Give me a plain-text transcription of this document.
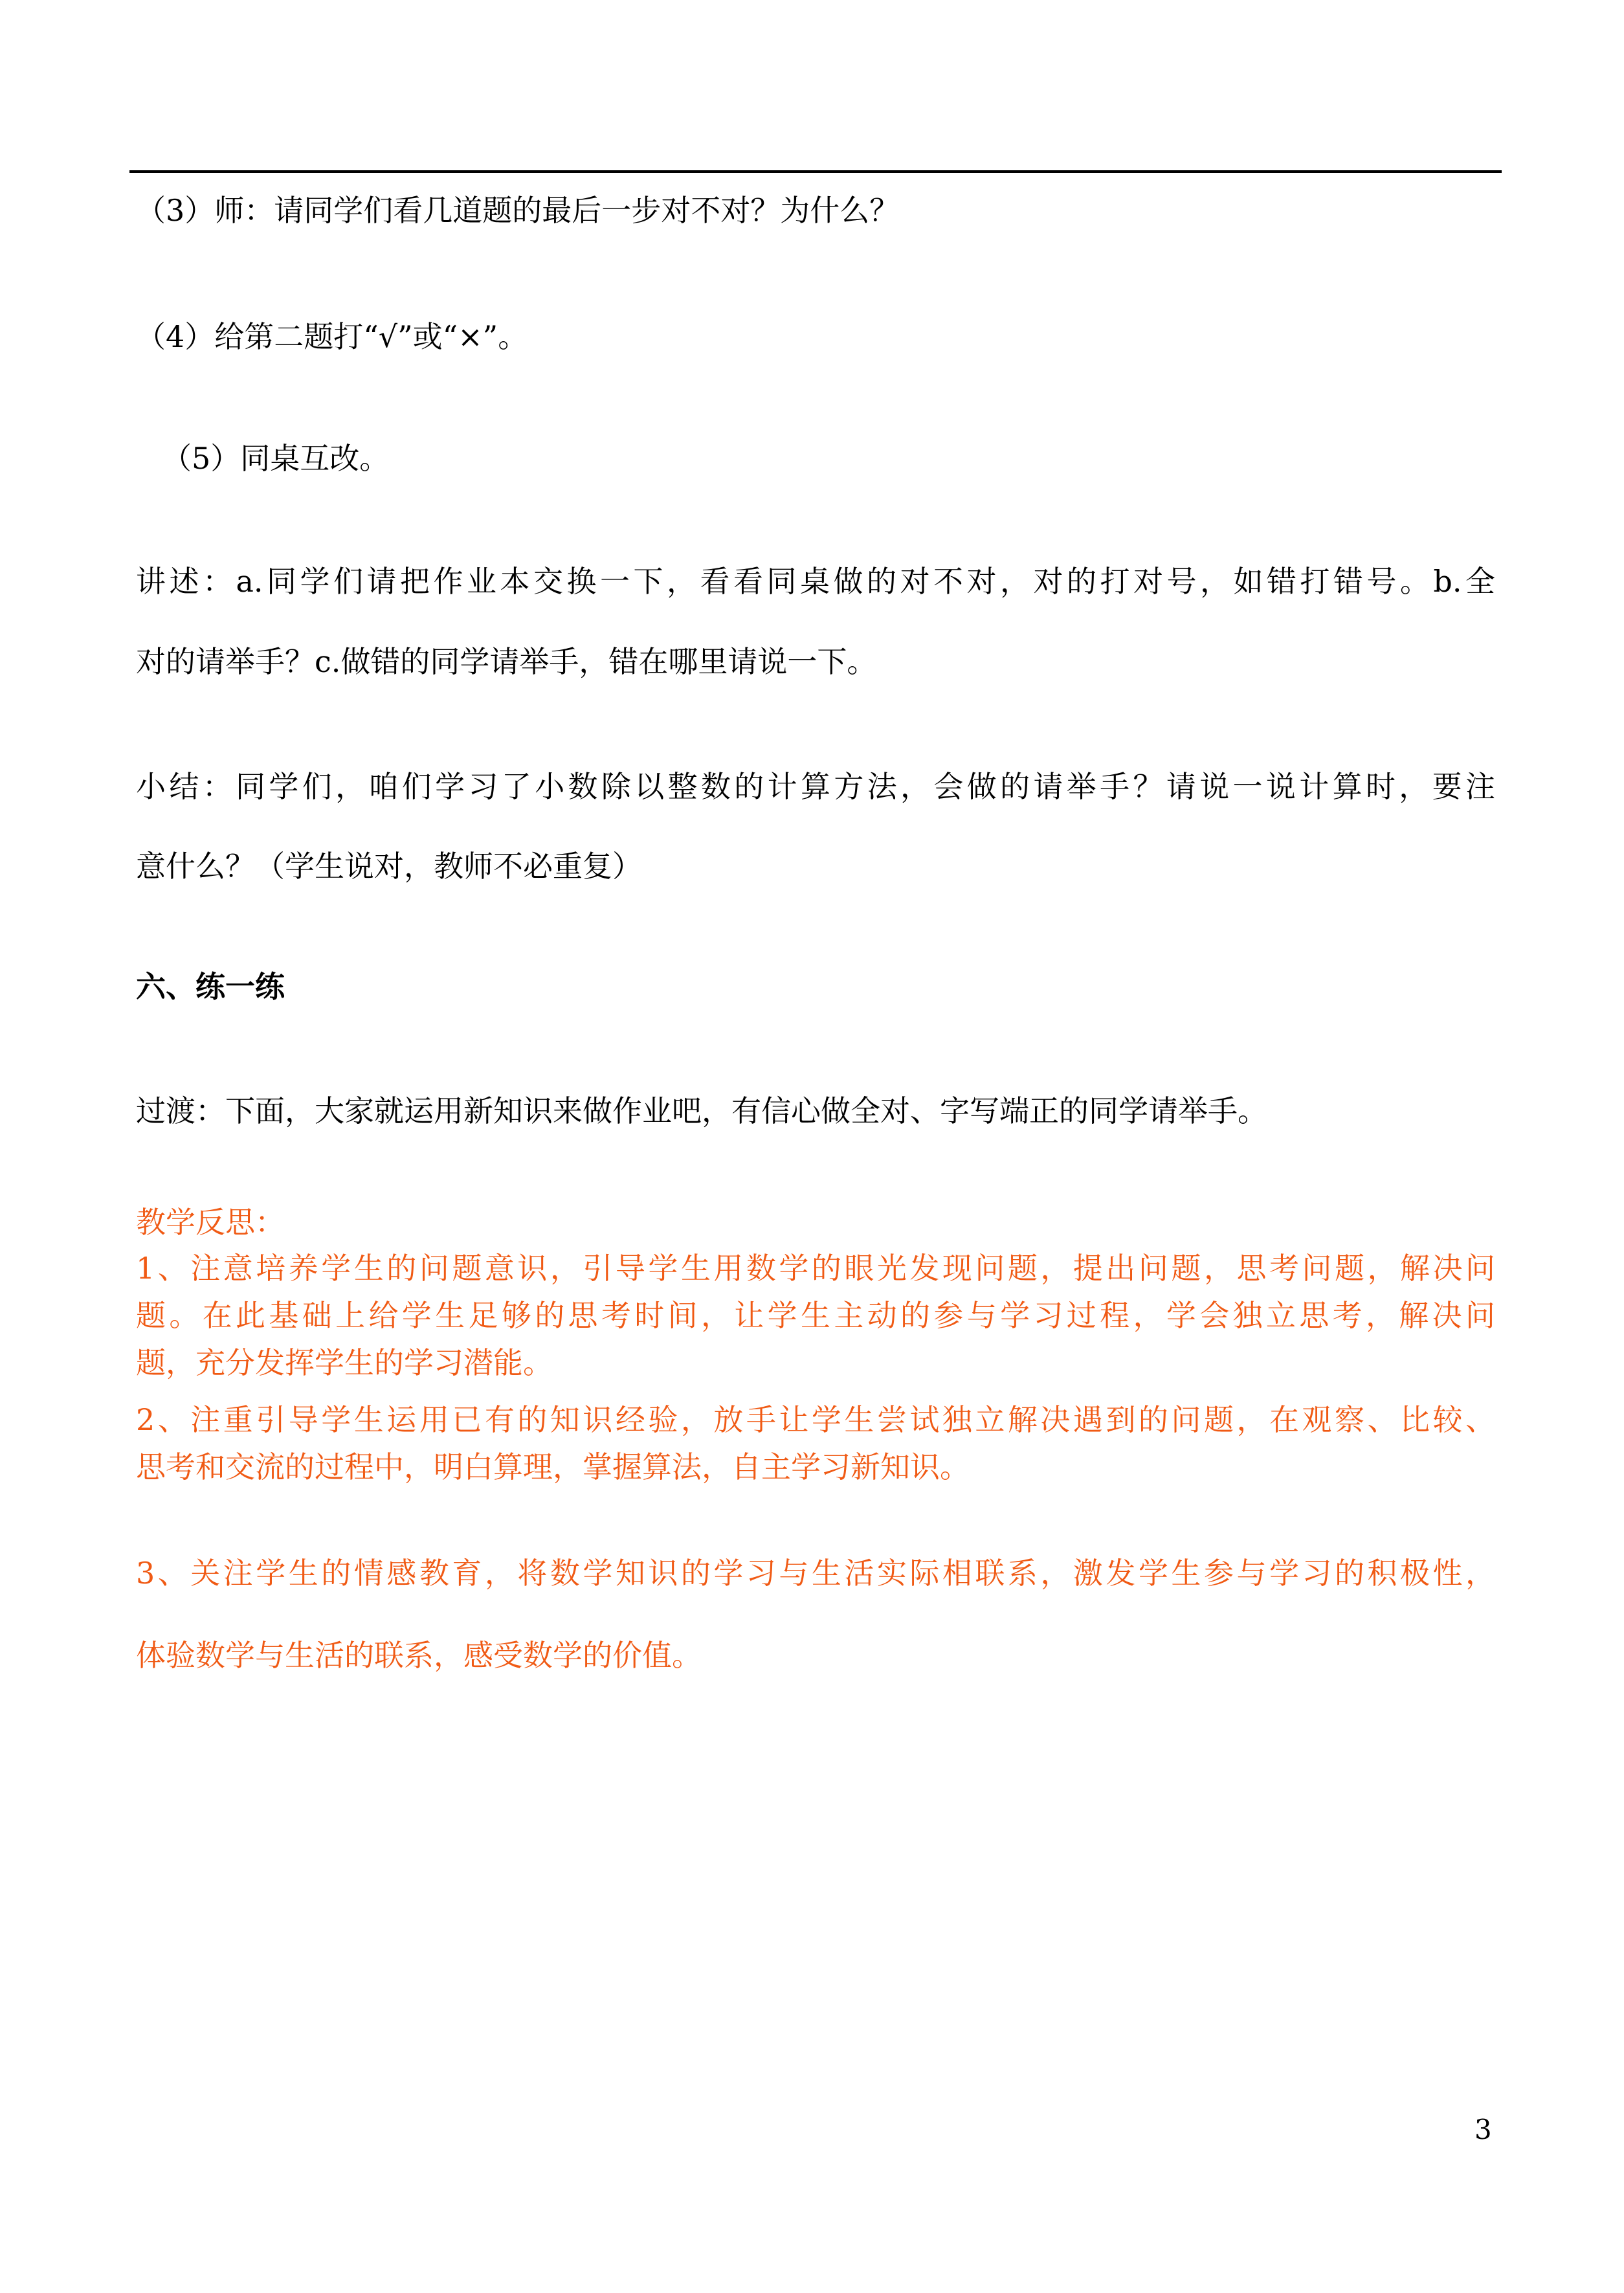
（3）师：请同学们看几道题的最后一步对不对？为什么？
（4）给第二题打“√”或“×”。
（5）同桌互改。
讲述：a.同学们请把作业本交换一下，看看同桌做的对不对，对的打对号，如错打错号。b.全
对的请举手？c.做错的同学请举手，错在哪里请说一下。
小结：同学们，咱们学习了小数除以整数的计算方法，会做的请举手？请说一说计算时，要注
意什么？（学生说对，教师不必重复）
六、练一练
过渡：下面，大家就运用新知识来做作业吧，有信心做全对、字写端正的同学请举手。
教学反思：
1、注意培养学生的问题意识，引导学生用数学的眼光发现问题，提出问题，思考问题，解决问
题。在此基础上给学生足够的思考时间，让学生主动的参与学习过程，学会独立思考，解决问
题，充分发挥学生的学习潜能。
2、注重引导学生运用已有的知识经验，放手让学生尝试独立解决遇到的问题，在观察、比较、
思考和交流的过程中，明白算理，掌握算法，自主学习新知识。
3、关注学生的情感教育，将数学知识的学习与生活实际相联系，激发学生参与学习的积极性，
体验数学与生活的联系，感受数学的价值。
3
